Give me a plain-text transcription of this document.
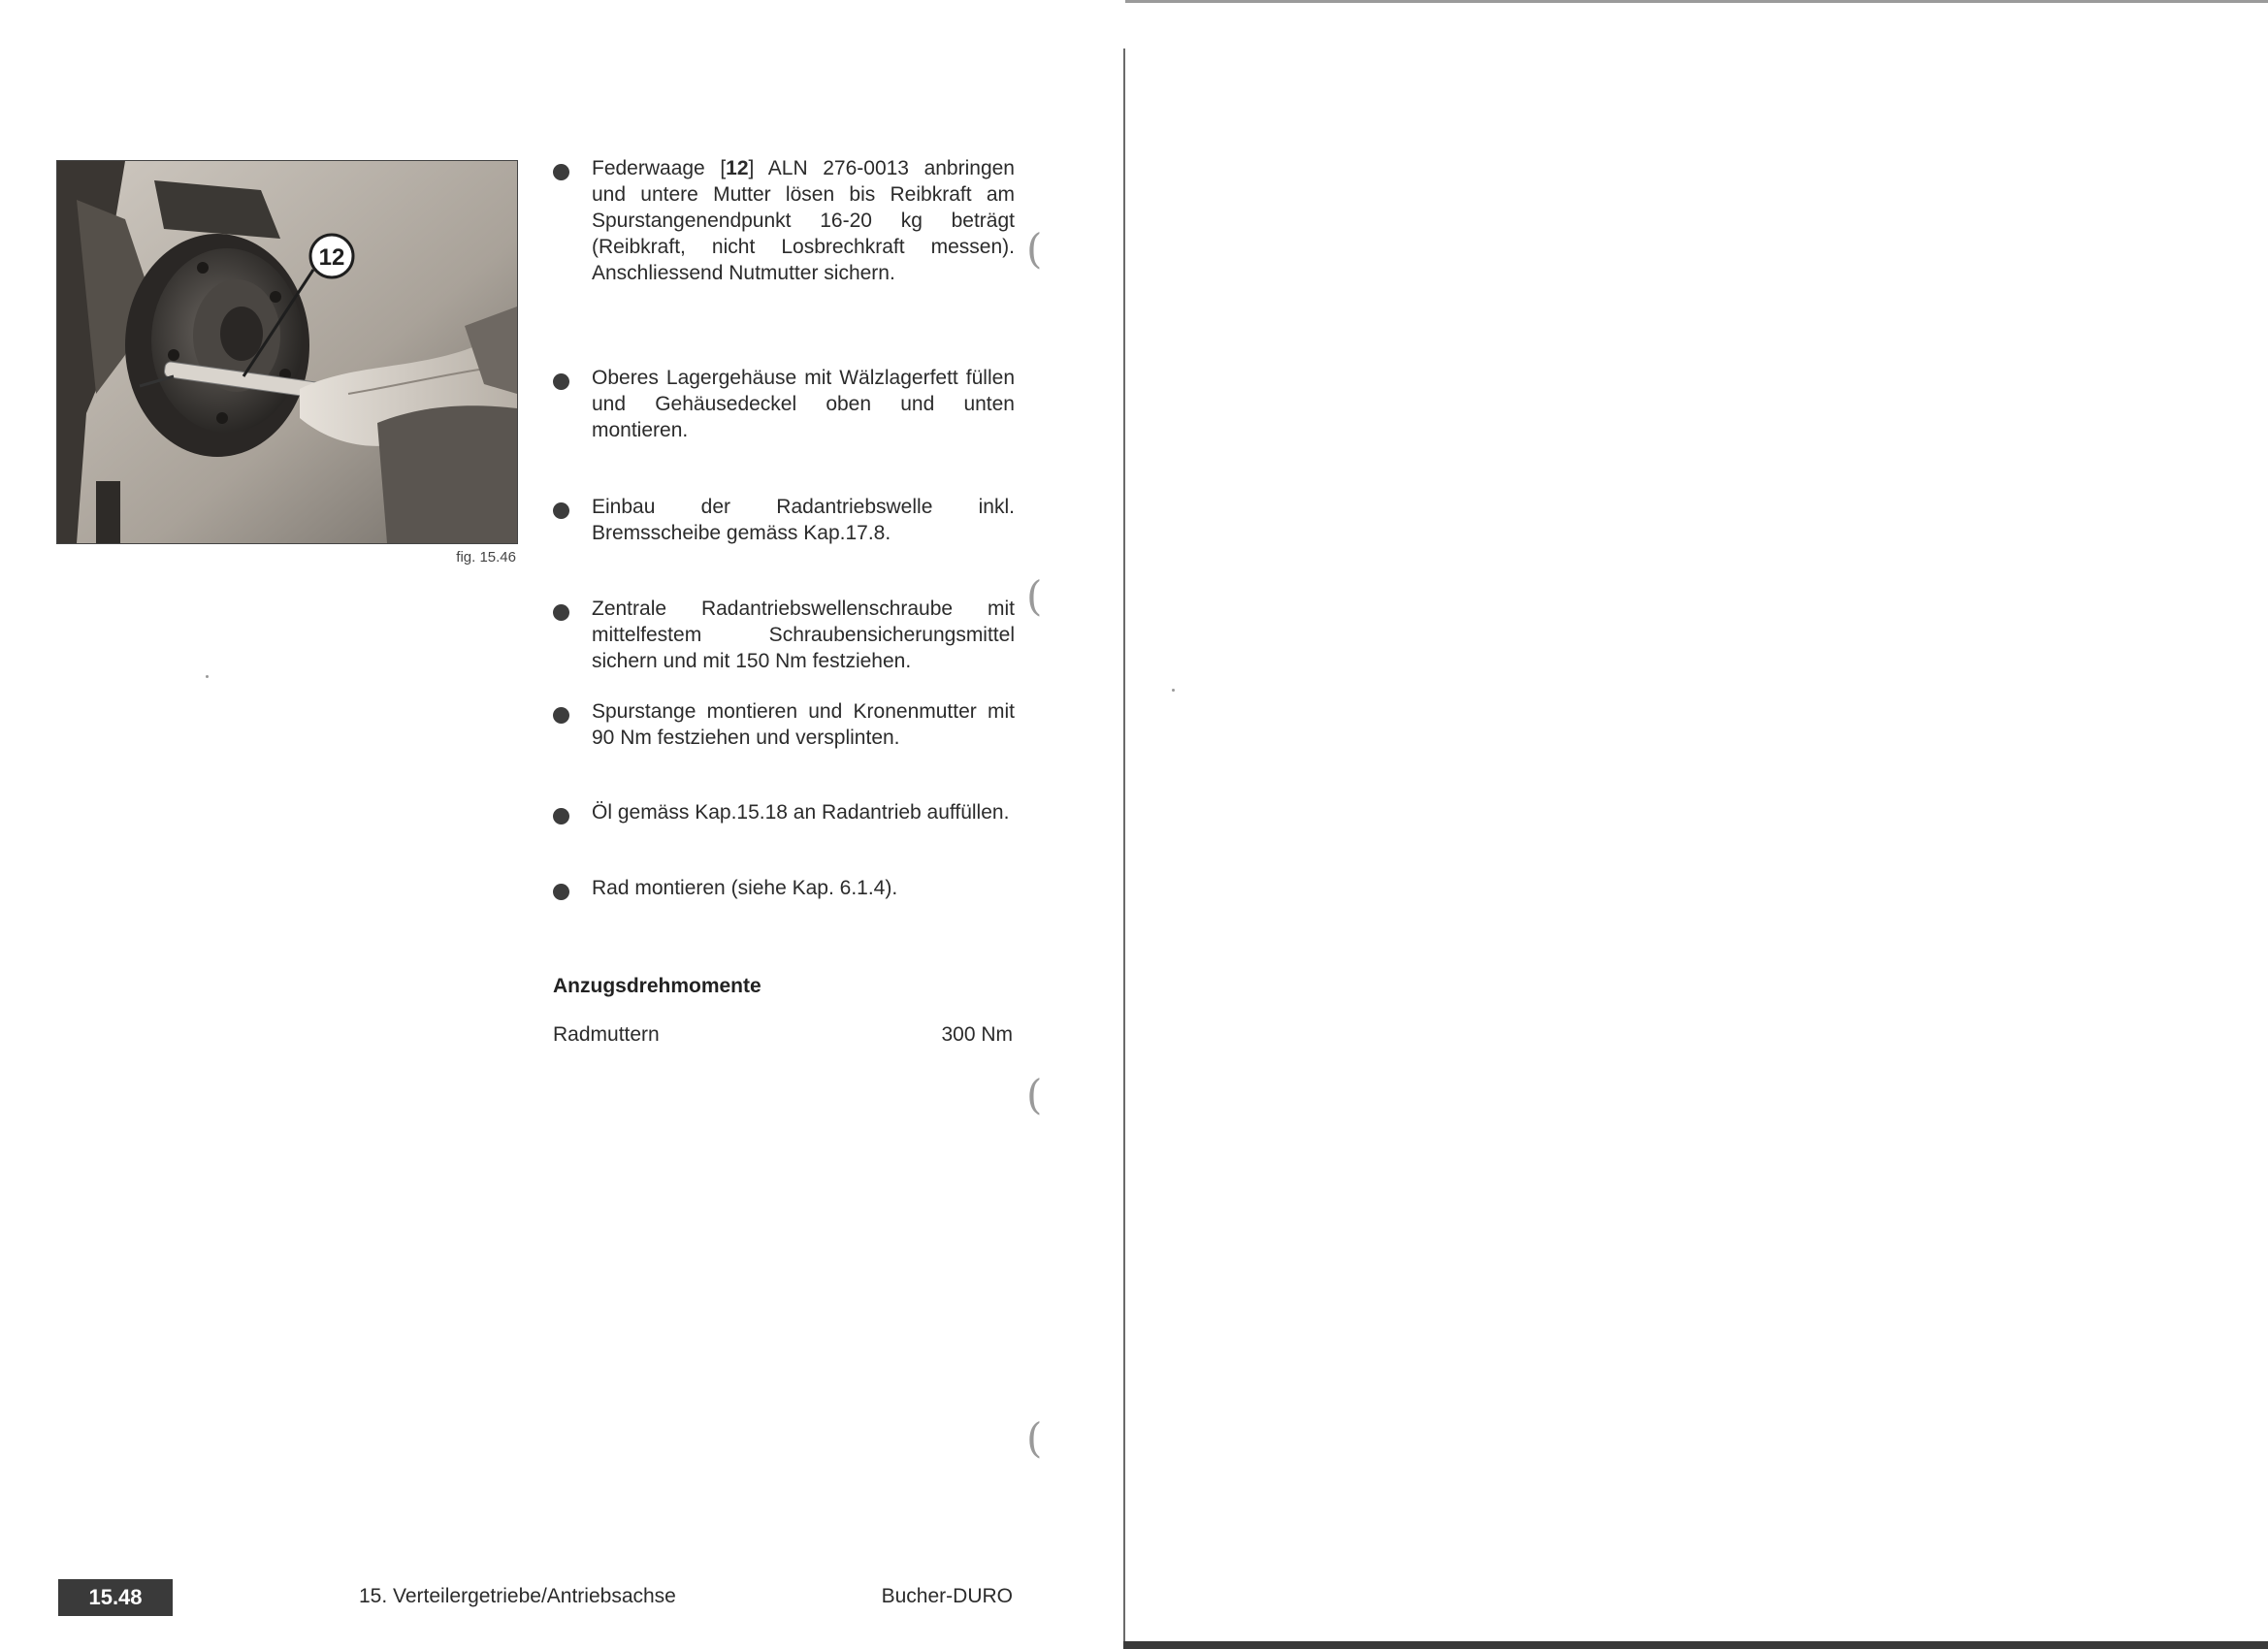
12
fig. 15.46
Federwaage [12] ALN 276-0013 anbringen und untere Mutter lösen bis Reibkraft am Spurstangenendpunkt 16-20 kg beträgt (Reibkraft, nicht Losbrechkraft messen). Anschliessend Nutmutter sichern.
Oberes Lagergehäuse mit Wälzlagerfett füllen und Gehäusedeckel oben und unten montieren.
Einbau der Radantriebswelle inkl. Bremsscheibe gemäss Kap.17.8.
Zentrale Radantriebswellenschraube mit mittelfestem Schraubensicherungsmittel sichern und mit 150 Nm festziehen.
Spurstange montieren und Kronenmutter mit 90 Nm festziehen und versplinten.
Öl gemäss Kap.15.18 an Radantrieb auffüllen.
Rad montieren (siehe Kap. 6.1.4).
Anzugsdrehmomente
Radmuttern	300 Nm
(
(
(
(
15.48	15. Verteilergetriebe/Antriebsachse	Bucher-DURO
